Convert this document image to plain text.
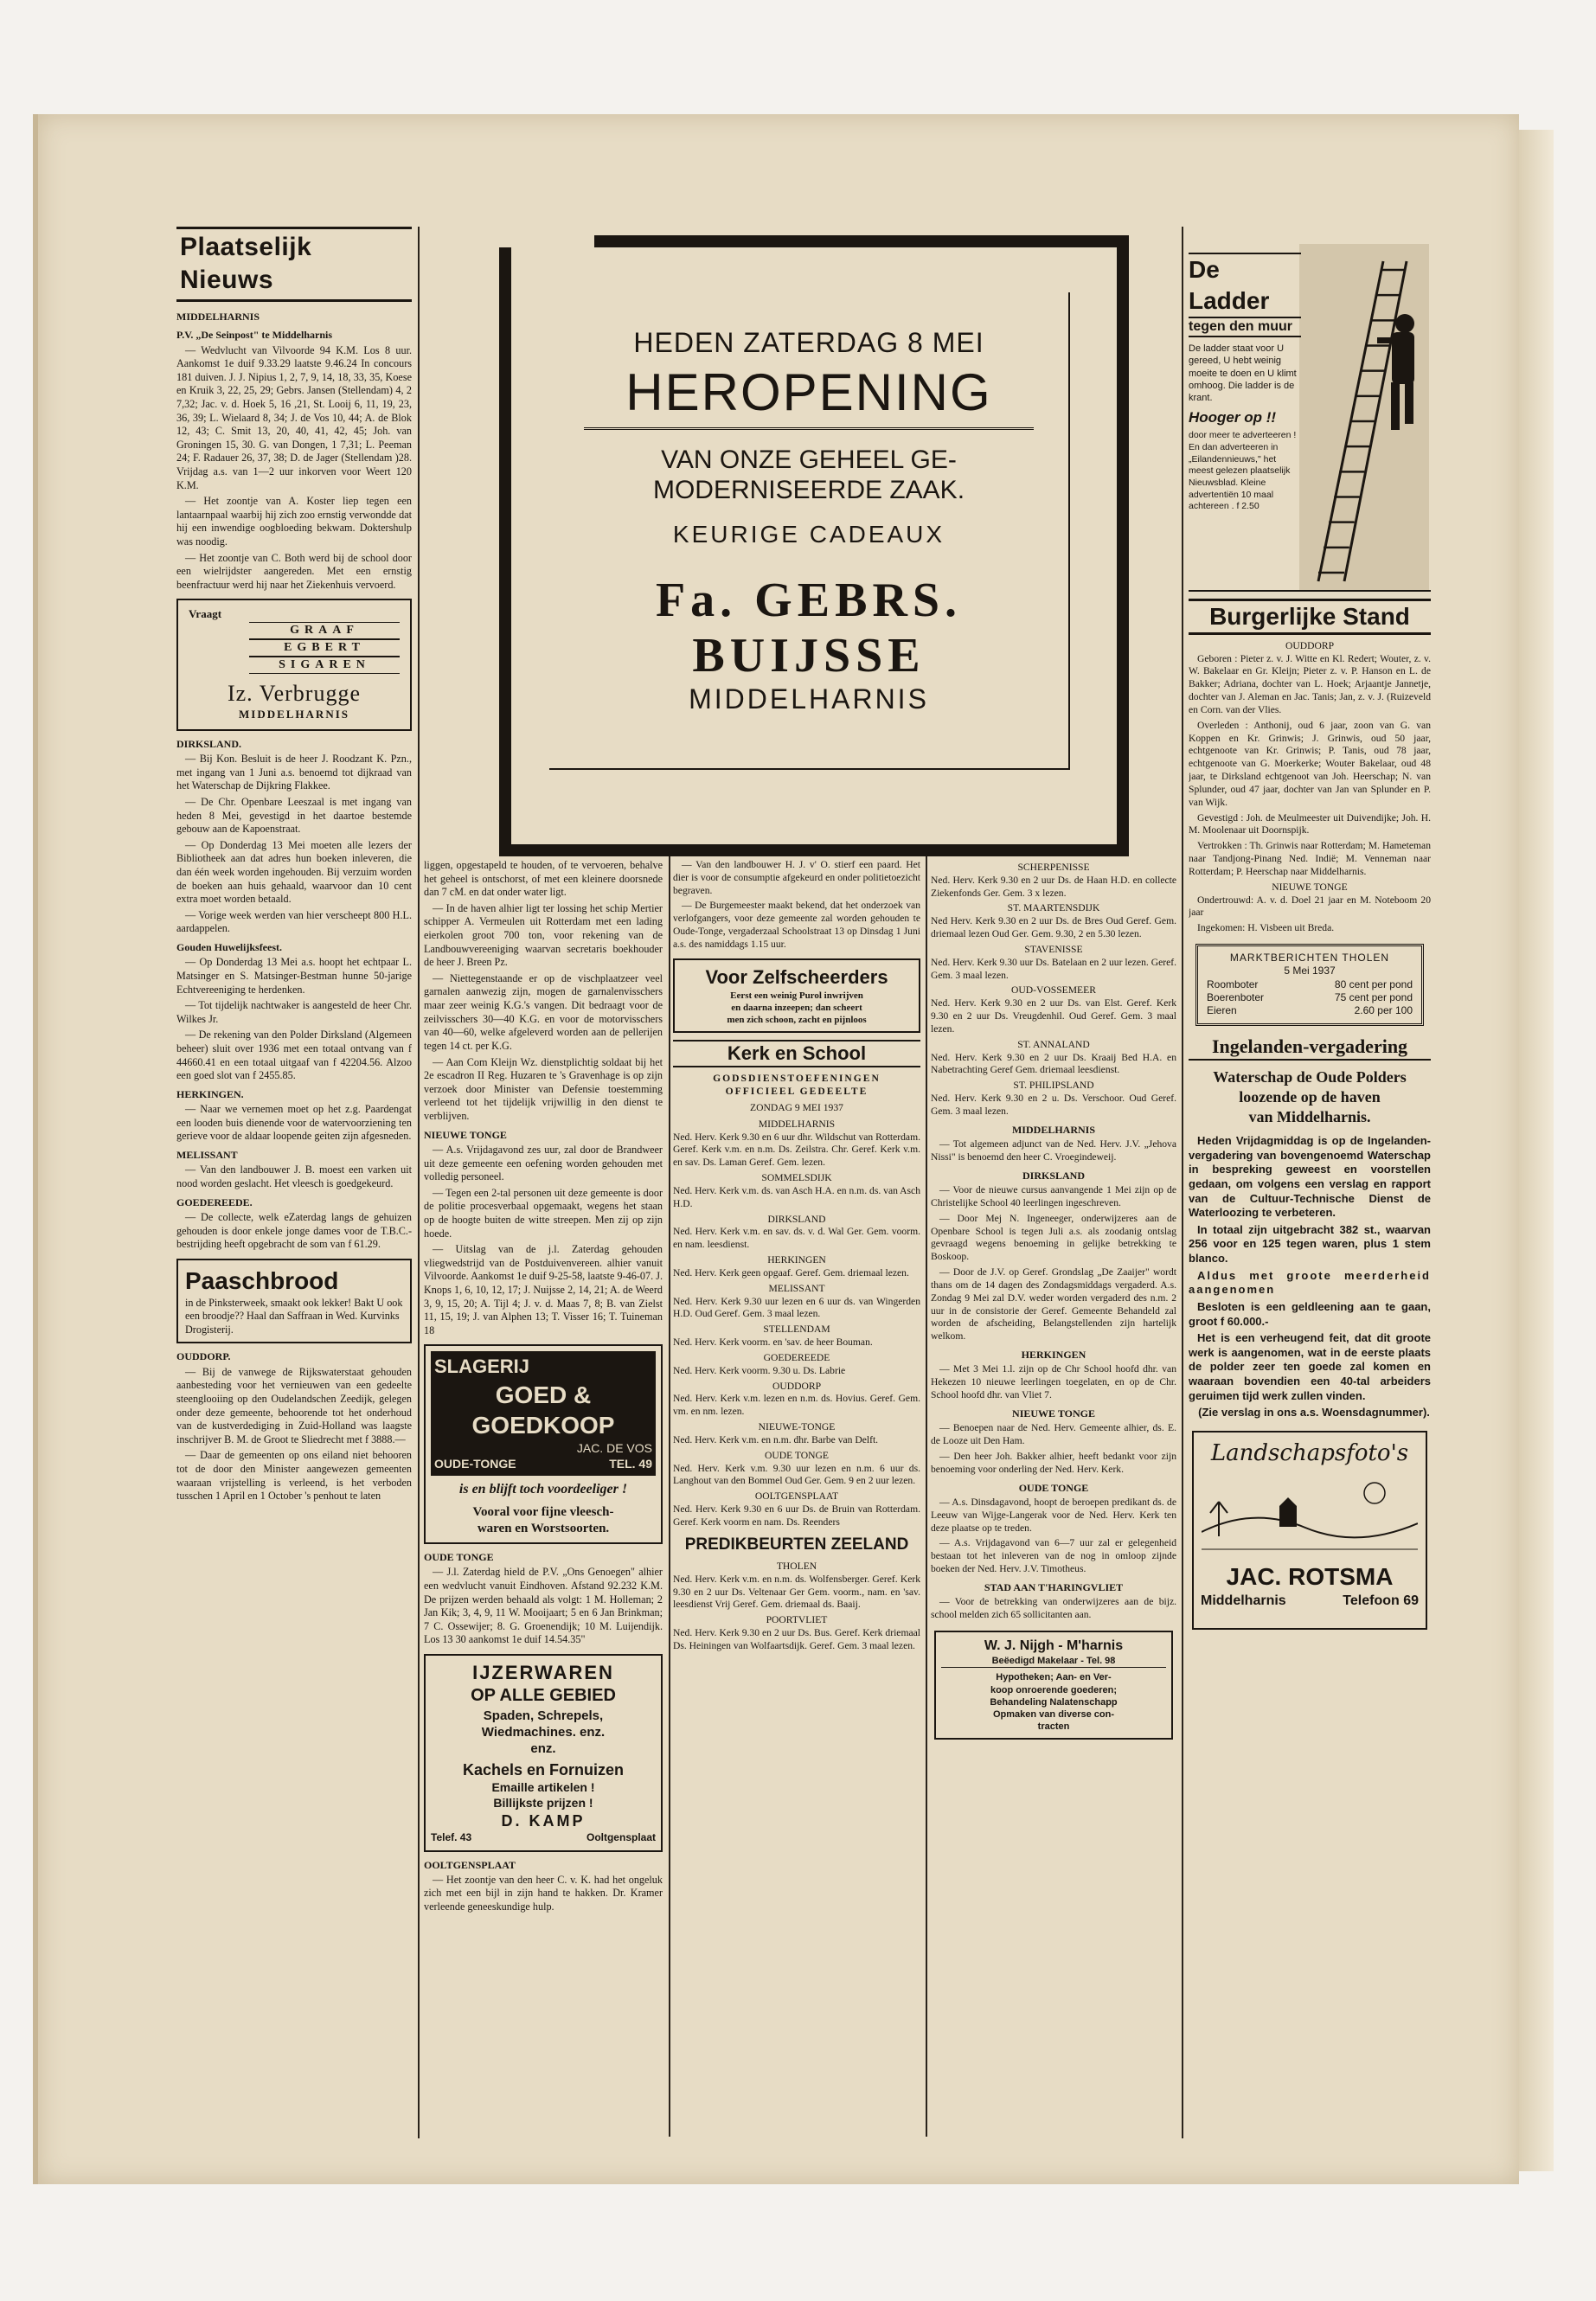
Plaatselijk Nieuws
MIDDELHARNIS
P.V. „De Seinpost" te Middelharnis

— Wedvlucht van Vilvoorde 94 K.M. Los 8 uur. Aankomst 1e duif 9.33.29 laatste 9.46.24 In concours 181 duiven. J. J. Nipius 1, 2, 7, 9, 14, 18, 33, 35, Koese en Kruik 3, 22, 25, 29; Gebrs. Jansen (Stellendam) 4, 2 7,32; Jac. v. d. Hoek 5, 16 ,21, St. Looij 6, 11, 19, 23, 36, 39; L. Wielaard 8, 34; J. de Vos 10, 44; A. de Blok 12, 43; C. Smit 13, 20, 40, 41, 42, 45; Joh. van Groningen 15, 30. G. van Dongen, 1 7,31; L. Peeman 24; F. Radauer 26, 37, 38; D. de Jager (Stellendam )28. Vrijdag a.s. van 1—2 uur inkorven voor Weert 120 K.M.

— Het zoontje van A. Koster liep tegen een lantaarnpaal waarbij hij zich zoo ernstig verwondde dat hij een inwendige oogbloeding bekwam. Doktershulp was noodig.

— Het zoontje van C. Both werd bij de school door een wielrijdster aangereden. Met een ernstig beenfractuur werd hij naar het Ziekenhuis vervoerd.

Vraagt

GRAAF

EGBERT

SIGAREN

Iz. Verbrugge
MIDDELHARNIS
DIRKSLAND.

— Bij Kon. Besluit is de heer J. Roodzant K. Pzn., met ingang van 1 Juni a.s. benoemd tot dijkraad van het Waterschap de Dijkring Flakkee.

— De Chr. Openbare Leeszaal is met ingang van heden 8 Mei, gevestigd in het daartoe bestemde gebouw aan de Kapoenstraat.

— Op Donderdag 13 Mei moeten alle lezers der Bibliotheek aan dat adres hun boeken inleveren, die dan één week worden ingehouden. Bij verzuim worden de boeken aan huis gehaald, waarvoor dan 10 cent extra moet worden betaald.

— Vorige week werden van hier verscheept 800 H.L. aardappelen.

Gouden Huwelijksfeest.

— Op Donderdag 13 Mei a.s. hoopt het echtpaar L. Matsinger en S. Matsinger-Bestman hunne 50-jarige Echtvereeniging te herdenken.

— Tot tijdelijk nachtwaker is aangesteld de heer Chr. Wilkes Jr.

— De rekening van den Polder Dirksland (Algemeen beheer) sluit over 1936 met een totaal ontvang van f 44660.41 en een totaal uitgaaf van f 42204.56. Alzoo een goed slot van f 2455.85.

HERKINGEN.

— Naar we vernemen moet op het z.g. Paardengat een looden buis dienende voor de watervoorziening ten gerieve voor de aldaar loopende geiten zijn afgesneden.

MELISSANT

— Van den landbouwer J. B. moest een varken uit nood worden geslacht. Het vleesch is goedgekeurd.

GOEDEREEDE.

— De collecte, welk eZaterdag langs de gehuizen gehouden is door enkele jonge dames voor de T.B.C.-bestrijding heeft opgebracht de som van f 61.29.

Paaschbrood
in de Pinksterweek, smaakt ook lekker! Bakt U ook een broodje?? Haal dan Saffraan in Wed. Kurvinks Drogisterij.
OUDDORP.

— Bij de vanwege de Rijkswaterstaat gehouden aanbesteding voor het vernieuwen van een gedeelte steenglooiing op den Oudelandschen Zeedijk, gelegen onder deze gemeente, behoorende tot het onderhoud van de kustverdediging in Zuid-Holland was laagste inschrijver B. M. de Groot te Sliedrecht met f 3888.—

— Daar de gemeenten op ons eiland niet behooren tot de door den Minister aangewezen gemeenten waaraan vrijstelling is verleend, is het verboden tusschen 1 April en 1 October 's penhout te laten

HEDEN ZATERDAG 8 MEI
HEROPENING
VAN ONZE GEHEEL GE-
MODERNISEERDE ZAAK.
KEURIGE CADEAUX
Fa. GEBRS. BUIJSSE
MIDDELHARNIS

liggen, opgestapeld te houden, of te vervoeren, behalve het geheel is ontschorst, of met een kleinere doorsnede dan 7 cM. en dat onder water ligt.

— In de haven alhier ligt ter lossing het schip Mertier schipper A. Vermeulen uit Rotterdam met een lading eierkolen groot 700 ton, voor rekening van de Landbouwvereeniging waarvan secretaris boekhouder de heer J. Breen Pz.

— Niettegenstaande er op de vischplaatzeer veel garnalen aanwezig zijn, mogen de garnalenvisschers maar zeer weinig K.G.'s vangen. Dit bedraagt voor de zeilvisschers 30—40 K.G. en voor de motorvisschers van 40—60, welke afgeleverd worden aan de pellerijen tegen 14 ct. per K.G.

— Aan Com Kleijn Wz. dienstplichtig soldaat bij het 2e escadron II Reg. Huzaren te 's Gravenhage is op zijn verzoek door Minister van Defensie toestemming verleend tot het tijdelijk vrijwillig in den dienst te verblijven.

NIEUWE TONGE

— A.s. Vrijdagavond zes uur, zal door de Brandweer uit deze gemeente een oefening worden gehouden met volledig personeel.

— Tegen een 2-tal personen uit deze gemeente is door de politie procesverbaal opgemaakt, wegens het staan op de hoogte buiten de witte streepen. Men zij op zijn hoede.

— Uitslag van de j.l. Zaterdag gehouden vliegwedstrijd van de Postduivenvereen. alhier vanuit Vilvoorde. Aankomst 1e duif 9-25-58, laatste 9-46-07. J. Knops 1, 6, 10, 12, 17; J. Nuijsse 2, 14, 21; A. de Weerd 3, 9, 15, 20; A. Tijl 4; J. v. d. Maas 7, 8; B. van Zielst 11, 15, 19; J. van Alphen 13; T. Visser 16; T. Tuineman 18

SLAGERIJ
GOED & GOEDKOOP
JAC. DE VOS
OUDE-TONGE	TEL. 49
is en blijft toch voordeeliger !
Vooral voor fijne vleesch-
waren en Worstsoorten.
OUDE TONGE

— J.l. Zaterdag hield de P.V. „Ons Genoegen" alhier een wedvlucht vanuit Eindhoven. Afstand 92.232 K.M. De prijzen werden behaald als volgt: 1 M. Holleman; 2 Jan Kik; 3, 4, 9, 11 W. Mooijaart; 5 en 6 Jan Brinkman; 7 C. Ossewijer; 8. G. Groenendijk; 10 M. Luijendijk. Los 13 30 aankomst 1e duif 14.54.35"

IJZERWAREN
OP ALLE GEBIED
Spaden, Schrepels,
Wiedmachines. enz.
enz.
Kachels en Fornuizen
Emaille artikelen !
Billijkste prijzen !
D. KAMP
Telef. 43	Ooltgensplaat
OOLTGENSPLAAT

— Het zoontje van den heer C. v. K. had het ongeluk zich met een bijl in zijn hand te hakken. Dr. Kramer verleende geneeskundige hulp.

— Van den landbouwer H. J. v' O. stierf een paard. Het dier is voor de consumptie afgekeurd en onder politietoezicht begraven.

— De Burgemeester maakt bekend, dat het onderzoek van verlofgangers, voor deze gemeente zal worden gehouden te Oude-Tonge, vergaderzaal Schoolstraat 13 op Dinsdag 1 Juni a.s. des namiddags 1.15 uur.

Voor Zelfscheerders
Eerst een weinig Purol inwrijven
en daarna inzeepen; dan scheert
men zich schoon, zacht en pijnloos
Kerk en School
GODSDIENSTOEFENINGEN
OFFICIEEL GEDEELTE
ZONDAG 9 MEI 1937
MIDDELHARNIS

Ned. Herv. Kerk 9.30 en 6 uur dhr. Wildschut van Rotterdam. Geref. Kerk v.m. en n.m. Ds. Zeilstra. Chr. Geref. Kerk v.m. en sav. Ds. Laman Geref. Gem. lezen.

SOMMELSDIJK

Ned. Herv. Kerk v.m. ds. van Asch H.A. en n.m. ds. van Asch H.D.

DIRKSLAND

Ned. Herv. Kerk v.m. en sav. ds. v. d. Wal Ger. Gem. voorm. en nam. leesdienst.

HERKINGEN

Ned. Herv. Kerk geen opgaaf. Geref. Gem. driemaal lezen.

MELISSANT

Ned. Herv. Kerk 9.30 uur lezen en 6 uur ds. van Wingerden H.D. Oud Geref. Gem. 3 maal lezen.

STELLENDAM

Ned. Herv. Kerk voorm. en 'sav. de heer Bouman.

GOEDEREEDE

Ned. Herv. Kerk voorm. 9.30 u. Ds. Labrie

OUDDORP

Ned. Herv. Kerk v.m. lezen en n.m. ds. Hovius. Geref. Gem. vm. en nm. lezen.

NIEUWE-TONGE

Ned. Herv. Kerk v.m. en n.m. dhr. Barbe van Delft.

OUDE TONGE

Ned. Herv. Kerk v.m. 9.30 uur lezen en n.m. 6 uur ds. Langhout van den Bommel Oud Ger. Gem. 9 en 2 uur lezen.

OOLTGENSPLAAT

Ned. Herv. Kerk 9.30 en 6 uur Ds. de Bruin van Rotterdam. Geref. Kerk voorm en nam. Ds. Reenders

PREDIKBEURTEN ZEELAND
THOLEN

Ned. Herv. Kerk v.m. en n.m. ds. Wolfensberger. Geref. Kerk 9.30 en 2 uur Ds. Veltenaar Ger Gem. voorm., nam. en 'sav. leesdienst Vrij Geref. Gem. driemaal ds. Baaij.

POORTVLIET

Ned. Herv. Kerk 9.30 en 2 uur Ds. Bus. Geref. Kerk driemaal Ds. Heiningen van Wolfaartsdijk. Geref. Gem. 3 maal lezen.

SCHERPENISSE

Ned. Herv. Kerk 9.30 en 2 uur Ds. de Haan H.D. en collecte Ziekenfonds Ger. Gem. 3 x lezen.

ST. MAARTENSDIJK

Ned Herv. Kerk 9.30 en 2 uur Ds. de Bres Oud Geref. Gem. driemaal lezen Oud Ger. Gem. 9.30, 2 en 5.30 lezen.

STAVENISSE

Ned. Herv. Kerk 9.30 uur Ds. Batelaan en 2 uur lezen. Geref. Gem. 3 maal lezen.

OUD-VOSSEMEER

Ned. Herv. Kerk 9.30 en 2 uur Ds. van Elst. Geref. Kerk 9.30 en 2 uur Ds. Vreugdenhil. Oud Geref. Gem. 3 maal lezen.

ST. ANNALAND

Ned. Herv. Kerk 9.30 en 2 uur Ds. Kraaij Bed H.A. en Nabetrachting Geref Gem. driemaal leesdienst.

ST. PHILIPSLAND

Ned. Herv. Kerk 9.30 en 2 u. Ds. Verschoor. Oud Geref. Gem. 3 maal lezen.

MIDDELHARNIS

— Tot algemeen adjunct van de Ned. Herv. J.V. „Jehova Nissi" is benoemd den heer C. Vroegindeweij.

DIRKSLAND

— Voor de nieuwe cursus aanvangende 1 Mei zijn op de Christelijke School 40 leerlingen ingeschreven.

— Door Mej N. Ingeneeger, onderwijzeres aan de Openbare School is tegen Juli a.s. als zoodanig ontslag gevraagd wegens benoeming in gelijke betrekking te Boskoop.

— Door de J.V. op Geref. Grondslag „De Zaaijer" wordt thans om de 14 dagen des Zondagsmiddags vergaderd. A.s. Zondag 9 Mei zal D.V. weder worden vergaderd des n.m. 2 uur in de consistorie der Geref. Gemeente Behandeld zal worden de afscheiding, Belangstellenden zijn hartelijk welkom.

HERKINGEN

— Met 3 Mei 1.l. zijn op de Chr School hoofd dhr. van Hekezen 10 nieuwe leerlingen toegelaten, en op de Chr. School hoofd dhr. van Vliet 7.

NIEUWE TONGE

— Benoepen naar de Ned. Herv. Gemeente alhier, ds. E. de Looze uit Den Ham.

— Den heer Joh. Bakker alhier, heeft bedankt voor zijn benoeming voor onderling der Ned. Herv. Kerk.

OUDE TONGE

— A.s. Dinsdagavond, hoopt de beroepen predikant ds. de Leeuw van Wijge-Langerak voor de Ned. Herv. Kerk ten deze plaatse op te treden.

— A.s. Vrijdagavond van 6—7 uur zal er gelegenheid bestaan tot het inleveren van de nog in omloop zijnde boeken der Ned. Herv. J.V. Timotheus.

STAD AAN T'HARINGVLIET

— Voor de betrekking van onderwijzeres aan de bijz. school melden zich 65 sollicitanten aan.

W. J. Nijgh - M'harnis
Beëedigd Makelaar - Tel. 98
Hypotheken; Aan- en Ver-
koop onroerende goederen;
Behandeling Nalatenschapp
Opmaken van diverse con-
tracten
De Ladder
tegen den muur
De ladder staat voor U gereed, U hebt weinig moeite te doen en U klimt omhoog. Die ladder is de krant.
Hooger op !!
door meer te adverteeren ! En dan adverteeren in „Eilandennieuws," het meest gelezen plaatselijk Nieuwsblad. Kleine advertentiën 10 maal achtereen . f 2.50
Burgerlijke Stand
OUDDORP

Geboren : Pieter z. v. J. Witte en Kl. Redert; Wouter, z. v. W. Bakelaar en Gr. Kleijn; Pieter z. v. P. Hanson en L. de Bakker; Adriana, dochter van L. Hoek; Arjaantje Jannetje, dochter van J. Aleman en Jac. Tanis; Jan, z. v. J. (Ruizeveld en Corn. van der Vlies.

Overleden : Anthonij, oud 6 jaar, zoon van G. van Koppen en Kr. Grinwis; J. Grinwis, oud 50 jaar, echtgenoote van Kr. Grinwis; P. Tanis, oud 78 jaar, echtgenoote van G. Moerkerke; Wouter Bakelaar, oud 48 jaar, te Dirksland echtgenoot van Joh. Heerschap; N. van Splunder, oud 47 jaar, dochter van Jan van Splunder en P. van Wijk.

Gevestigd : Joh. de Meulmeester uit Duivendijke; Joh. H. M. Moolenaar uit Doornspijk.

Vertrokken : Th. Grinwis naar Rotterdam; M. Hameteman naar Tandjong-Pinang Ned. Indië; M. Venneman naar Rotterdam; P. Heerschap naar Middelharnis.

NIEUWE TONGE

Ondertrouwd: A. v. d. Doel 21 jaar en M. Noteboom 20 jaar

Ingekomen: H. Visbeen uit Breda.

MARKTBERICHTEN THOLEN
5 Mei 1937
Roomboter	80 cent per pond
Boerenboter	75 cent per pond
Eieren	2.60 per 100
Ingelanden-vergadering
Waterschap de Oude Polders
loozende op de haven
van Middelharnis.

Heden Vrijdagmiddag is op de Ingelanden-vergadering van bovengenoemd Waterschap in bespreking geweest en voorstellen gedaan, om volgens een verslag en rapport van de Cultuur-Technische Dienst de Waterloozing te verbeteren.

In totaal zijn uitgebracht 382 st., waarvan 256 voor en 125 tegen waren, plus 1 stem blanco.

Aldus met groote meerderheid aangenomen

Besloten is een geldleening aan te gaan, groot f 60.000.-

Het is een verheugend feit, dat dit groote werk is aangenomen, wat in de eerste plaats de polder zeer ten goede zal komen en waaraan bovendien een 40-tal arbeiders geruimen tijd werk zullen vinden.

(Zie verslag in ons a.s. Woensdagnummer).

Landschapsfoto's
JAC. ROTSMA
Middelharnis	Telefoon 69
